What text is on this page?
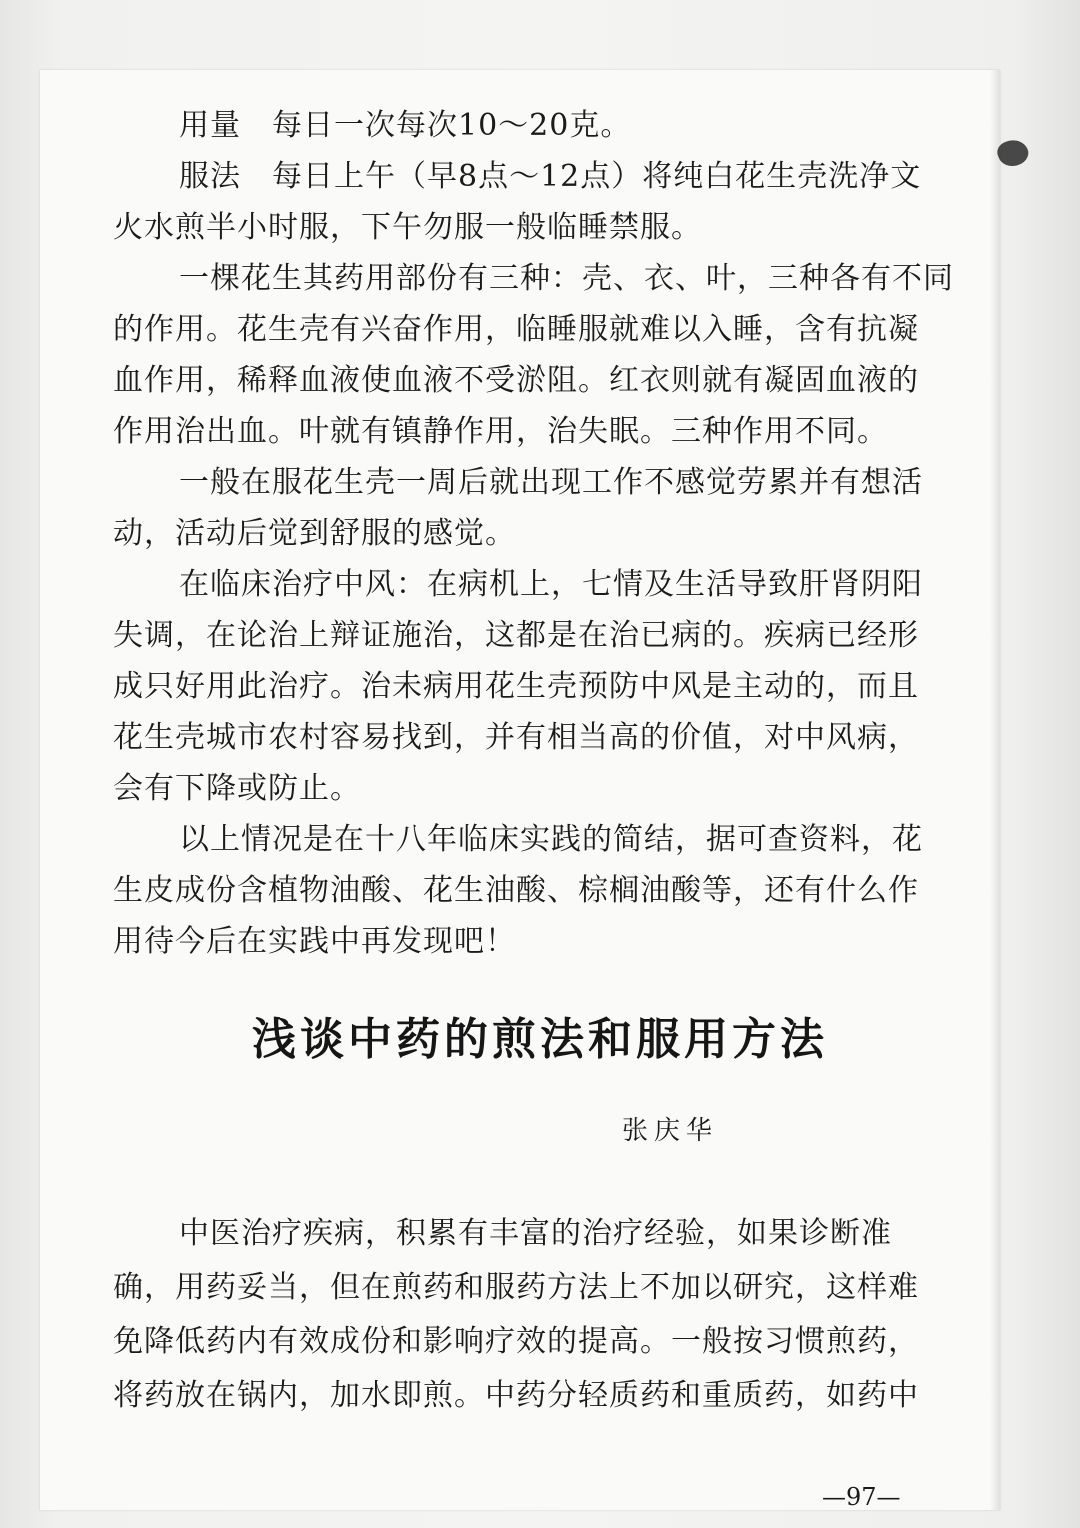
用量　每日一次每次10～20克。
服法　每日上午（早8点～12点）将纯白花生壳洗净文
火水煎半小时服，下午勿服一般临睡禁服。
一棵花生其药用部份有三种：壳、衣、叶，三种各有不同
的作用。花生壳有兴奋作用，临睡服就难以入睡，含有抗凝
血作用，稀释血液使血液不受淤阻。红衣则就有凝固血液的
作用治出血。叶就有镇静作用，治失眠。三种作用不同。
一般在服花生壳一周后就出现工作不感觉劳累并有想活
动，活动后觉到舒服的感觉。
在临床治疗中风：在病机上，七情及生活导致肝肾阴阳
失调，在论治上辩证施治，这都是在治已病的。疾病已经形
成只好用此治疗。治未病用花生壳预防中风是主动的，而且
花生壳城市农村容易找到，并有相当高的价值，对中风病，
会有下降或防止。
以上情况是在十八年临床实践的简结，据可查资料，花
生皮成份含植物油酸、花生油酸、棕榈油酸等，还有什么作
用待今后在实践中再发现吧！
浅谈中药的煎法和服用方法
张庆华
中医治疗疾病，积累有丰富的治疗经验，如果诊断准
确，用药妥当，但在煎药和服药方法上不加以研究，这样难
免降低药内有效成份和影响疗效的提高。一般按习惯煎药，
将药放在锅内，加水即煎。中药分轻质药和重质药，如药中
—97—
